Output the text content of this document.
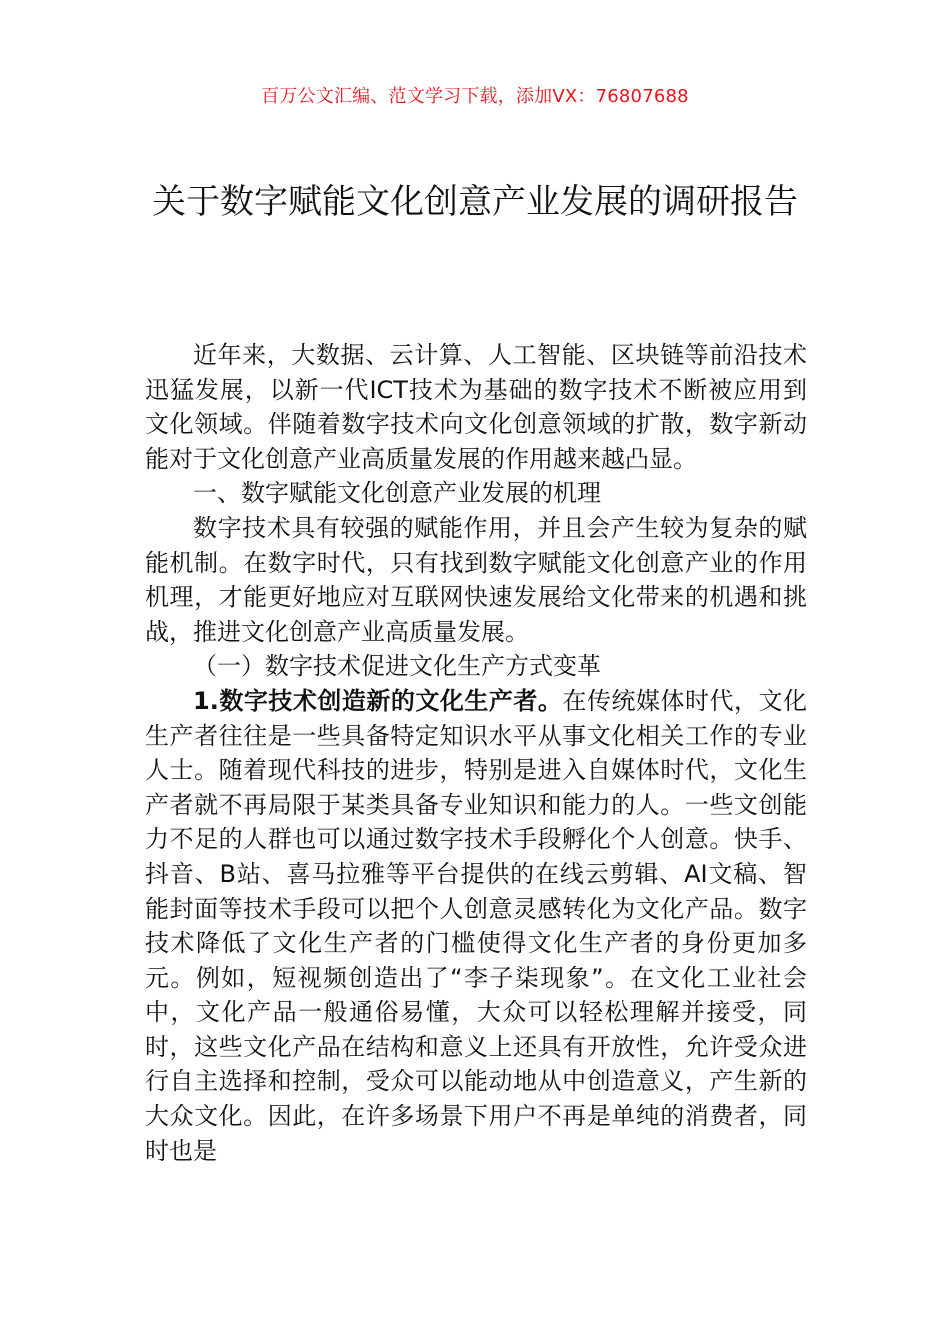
百万公文汇编、范文学习下载，添加VX：76807688
关于数字赋能文化创意产业发展的调研报告

近年来，大数据、云计算、人工智能、区块链等前沿技术迅猛发展，以新一代ICT技术为基础的数字技术不断被应用到文化领域。伴随着数字技术向文化创意领域的扩散，数字新动能对于文化创意产业高质量发展的作用越来越凸显。

一、数字赋能文化创意产业发展的机理

数字技术具有较强的赋能作用，并且会产生较为复杂的赋能机制。在数字时代，只有找到数字赋能文化创意产业的作用机理，才能更好地应对互联网快速发展给文化带来的机遇和挑战，推进文化创意产业高质量发展。

（一）数字技术促进文化生产方式变革

1.数字技术创造新的文化生产者。在传统媒体时代，文化生产者往往是一些具备特定知识水平从事文化相关工作的专业人士。随着现代科技的进步，特别是进入自媒体时代，文化生产者就不再局限于某类具备专业知识和能力的人。一些文创能力不足的人群也可以通过数字技术手段孵化个人创意。快手、抖音、B站、喜马拉雅等平台提供的在线云剪辑、AI文稿、智能封面等技术手段可以把个人创意灵感转化为文化产品。数字技术降低了文化生产者的门槛使得文化生产者的身份更加多元。例如，短视频创造出了“李子柒现象”。在文化工业社会中，文化产品一般通俗易懂，大众可以轻松理解并接受，同时，这些文化产品在结构和意义上还具有开放性，允许受众进行自主选择和控制，受众可以能动地从中创造意义，产生新的大众文化。因此，在许多场景下用户不再是单纯的消费者，同时也是
